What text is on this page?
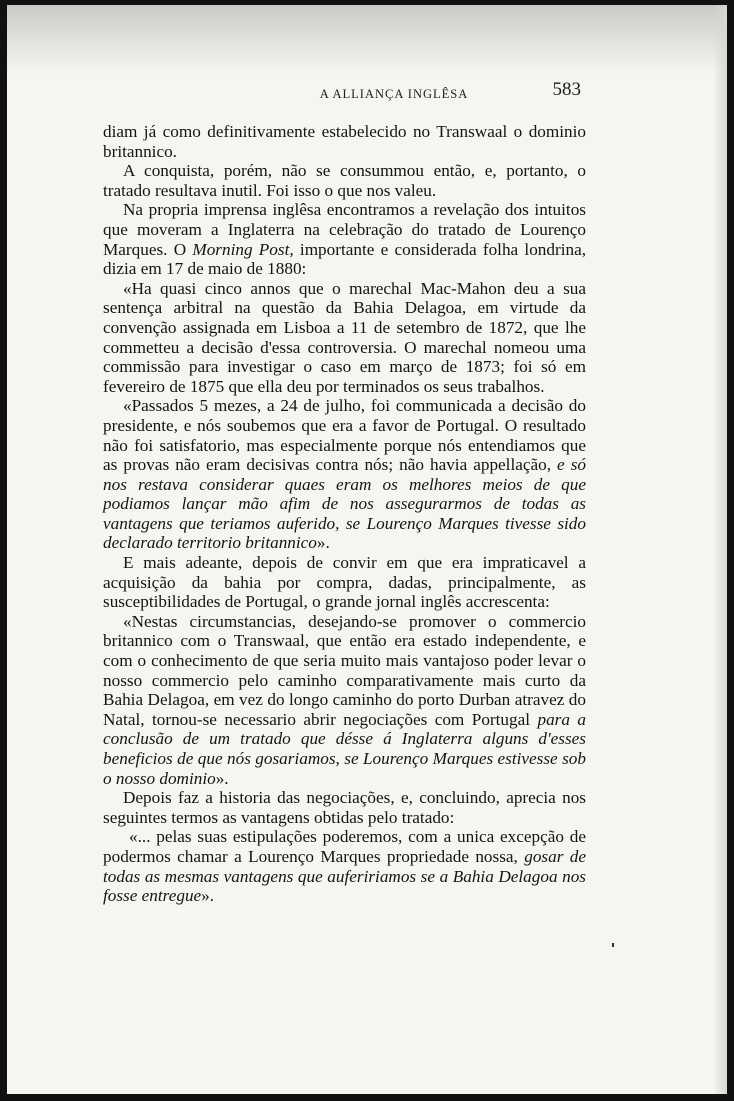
A ALLIANÇA INGLÊSA	583

diam já como definitivamente estabelecido no Transwaal o dominio britannico.

A conquista, porém, não se consummou então, e, portanto, o tratado resultava inutil. Foi isso o que nos valeu.

Na propria imprensa inglêsa encontramos a revelação dos intuitos que moveram a Inglaterra na celebração do tratado de Lourenço Marques. O Morning Post, importante e considerada folha londrina, dizia em 17 de maio de 1880:

«Ha quasi cinco annos que o marechal Mac-Mahon deu a sua sentença arbitral na questão da Bahia Delagoa, em virtude da convenção assignada em Lisboa a 11 de setembro de 1872, que lhe commetteu a decisão d'essa controversia. O marechal nomeou uma commissão para investigar o caso em março de 1873; foi só em fevereiro de 1875 que ella deu por terminados os seus trabalhos.

«Passados 5 mezes, a 24 de julho, foi communicada a decisão do presidente, e nós soubemos que era a favor de Portugal. O resultado não foi satisfatorio, mas especialmente porque nós entendiamos que as provas não eram decisivas contra nós; não havia appellação, e só nos restava considerar quaes eram os melhores meios de que podiamos lançar mão afim de nos assegurarmos de todas as vantagens que teriamos auferido, se Lourenço Marques tivesse sido declarado territorio britannico».

E mais adeante, depois de convir em que era impraticavel a acquisição da bahia por compra, dadas, principalmente, as susceptibilidades de Portugal, o grande jornal inglês accrescenta:

«Nestas circumstancias, desejando-se promover o commercio britannico com o Transwaal, que então era estado independente, e com o conhecimento de que seria muito mais vantajoso poder levar o nosso commercio pelo caminho comparativamente mais curto da Bahia Delagoa, em vez do longo caminho do porto Durban atravez do Natal, tornou-se necessario abrir negociações com Portugal para a conclusão de um tratado que désse á Inglaterra alguns d'esses beneficios de que nós gosariamos, se Lourenço Marques estivesse sob o nosso dominio».

Depois faz a historia das negociações, e, concluindo, aprecia nos seguintes termos as vantagens obtidas pelo tratado:

«... pelas suas estipulações poderemos, com a unica excepção de podermos chamar a Lourenço Marques propriedade nossa, gosar de todas as mesmas vantagens que aufeririamos se a Bahia Delagoa nos fosse entregue».
